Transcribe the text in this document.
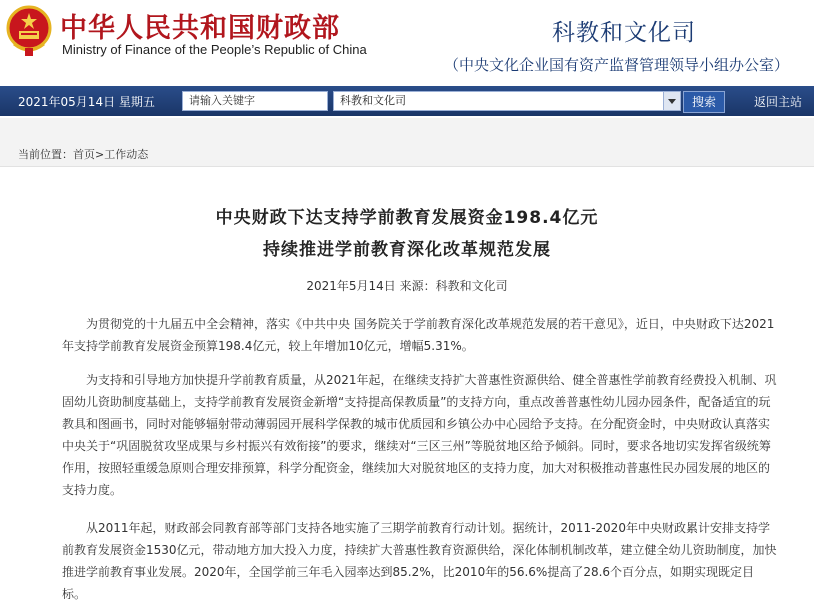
中华人民共和国财政部
Ministry of Finance of the People’s Republic of China
科教和文化司
（中央文化企业国有资产监督管理领导小组办公室）
2021年05月14日 星期五	请输入关键字	科教和文化司	搜索	返回主站
当前位置：首页>工作动态
中央财政下达支持学前教育发展资金198.4亿元
持续推进学前教育深化改革规范发展
2021年5月14日 来源：科教和文化司
　　为贯彻党的十九届五中全会精神，落实《中共中央 国务院关于学前教育深化改革规范发展的若干意见》，近日，中央财政下达2021年支持学前教育发展资金预算198.4亿元，较上年增加10亿元，增幅5.31%。
　　为支持和引导地方加快提升学前教育质量，从2021年起，在继续支持扩大普惠性资源供给、健全普惠性学前教育经费投入机制、巩固幼儿资助制度基础上，支持学前教育发展资金新增“支持提高保教质量”的支持方向，重点改善普惠性幼儿园办园条件，配备适宜的玩教具和图画书，同时对能够辐射带动薄弱园开展科学保教的城市优质园和乡镇公办中心园给予支持。在分配资金时，中央财政认真落实中央关于“巩固脱贫攻坚成果与乡村振兴有效衔接”的要求，继续对“三区三州”等脱贫地区给予倾斜。同时，要求各地切实发挥省级统筹作用，按照轻重缓急原则合理安排预算，科学分配资金，继续加大对脱贫地区的支持力度，加大对积极推动普惠性民办园发展的地区的支持力度。
　　从2011年起，财政部会同教育部等部门支持各地实施了三期学前教育行动计划。据统计，2011-2020年中央财政累计安排支持学前教育发展资金1530亿元，带动地方加大投入力度，持续扩大普惠性教育资源供给，深化体制机制改革，建立健全幼儿资助制度，加快推进学前教育事业发展。2020年，全国学前三年毛入园率达到85.2%，比2010年的56.6%提高了28.6个百分点，如期实现既定目标。
